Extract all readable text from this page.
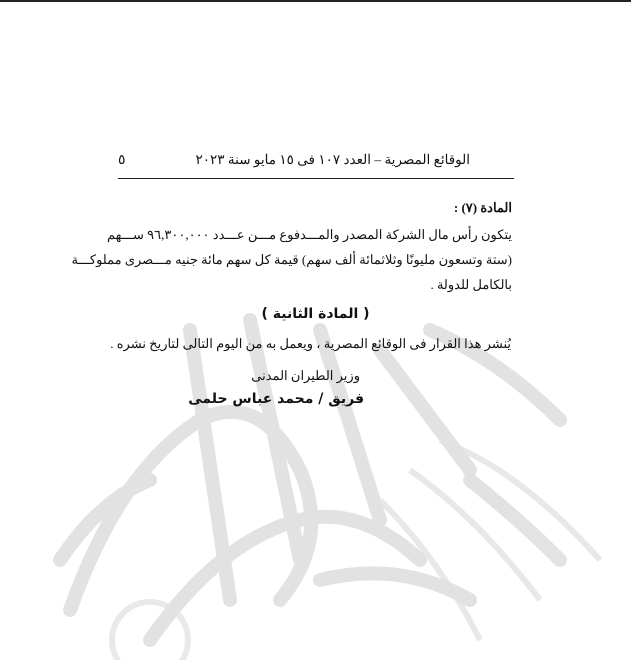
٥	الوقائع المصرية – العدد ١٠٧ فى ١٥ مايو سنة ٢٠٢٣
المادة (٧) :
يتكون رأس مال الشركة المصدر والمـــدفوع مـــن عـــدد ٩٦,٣٠٠,٠٠٠ ســـهم
(ستة وتسعون مليونًا وثلاثمائة ألف سهم) قيمة كل سهم مائة جنيه مـــصرى مملوكـــة
بالكامل للدولة .
( المادة الثانية )
يُنشر هذا القرار فى الوقائع المصرية ، ويعمل به من اليوم التالى لتاريخ نشره .
وزير الطيران المدنى
فريق / محمد عباس حلمى
